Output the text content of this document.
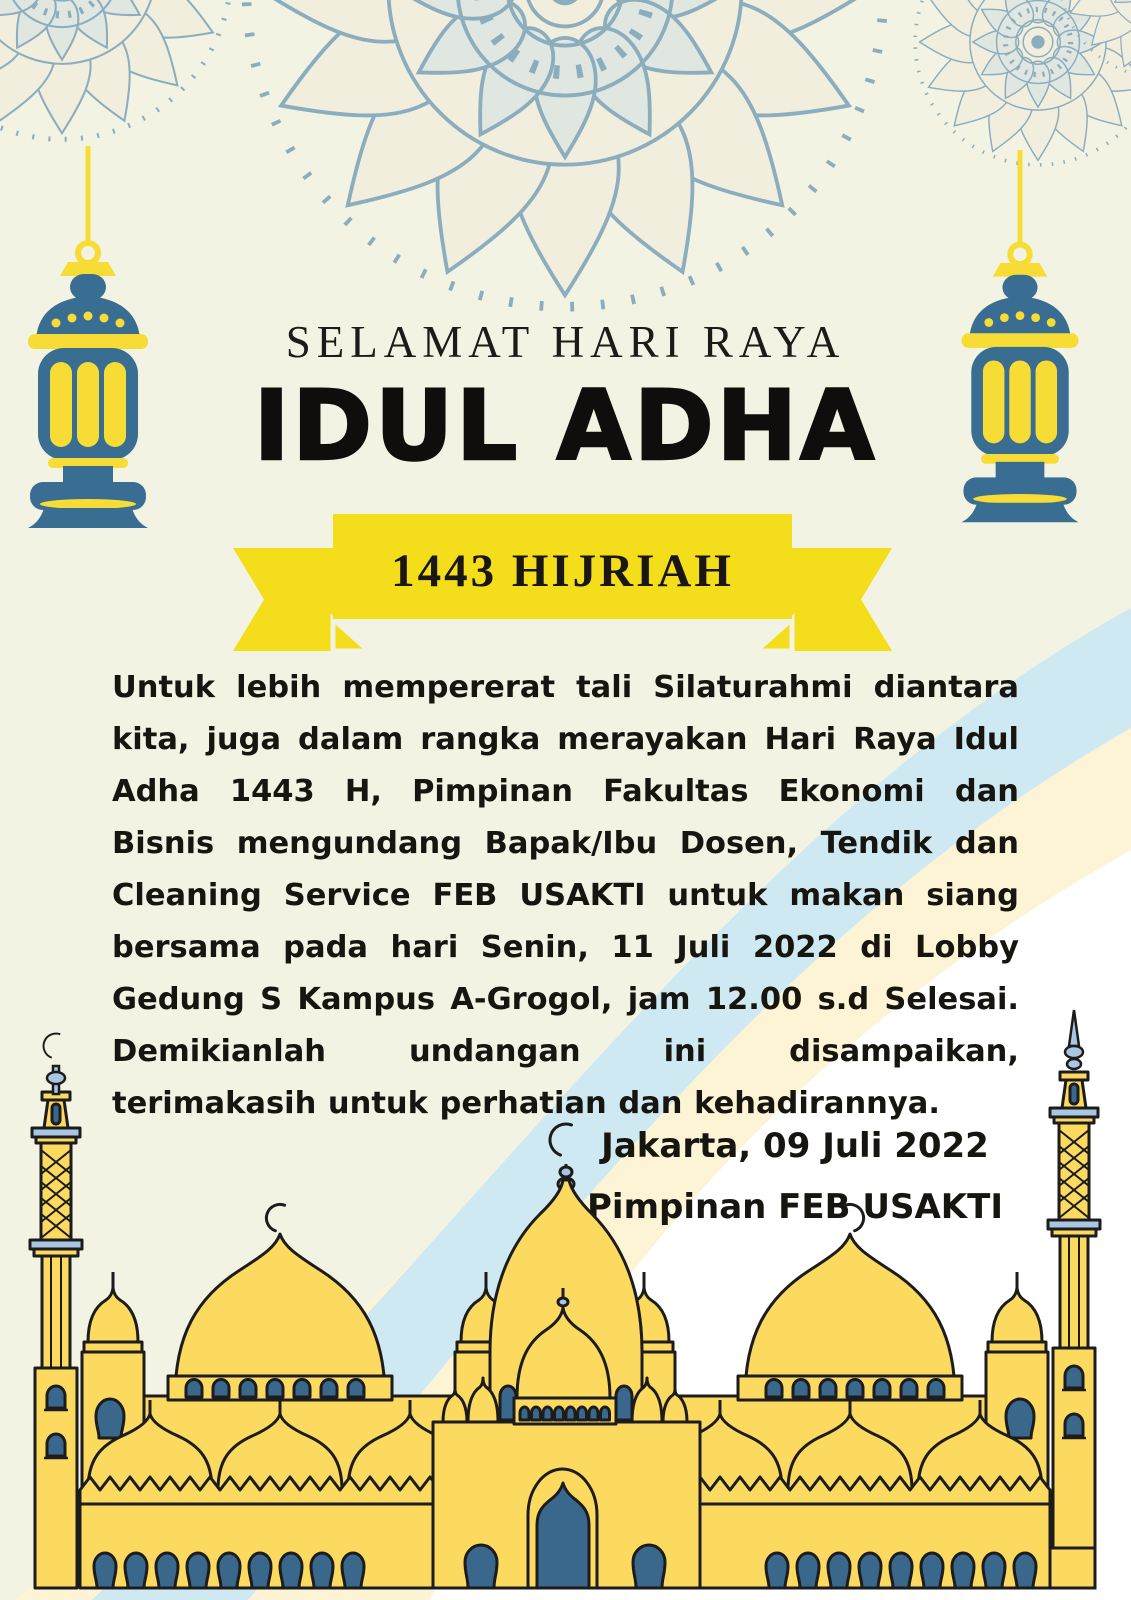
SELAMAT HARI RAYA
IDUL ADHA
1443 HIJRIAH
Untuk lebih mempererat tali Silaturahmi diantara kita, juga dalam rangka merayakan Hari Raya Idul Adha 1443 H, Pimpinan Fakultas Ekonomi dan Bisnis mengundang Bapak/Ibu Dosen, Tendik dan Cleaning Service FEB USAKTI untuk makan siang bersama pada hari Senin, 11 Juli 2022 di Lobby Gedung S Kampus A-Grogol, jam 12.00 s.d Selesai. Demikianlah undangan ini disampaikan, terimakasih untuk perhatian dan kehadirannya.
Jakarta, 09 Juli 2022
Pimpinan FEB USAKTI
